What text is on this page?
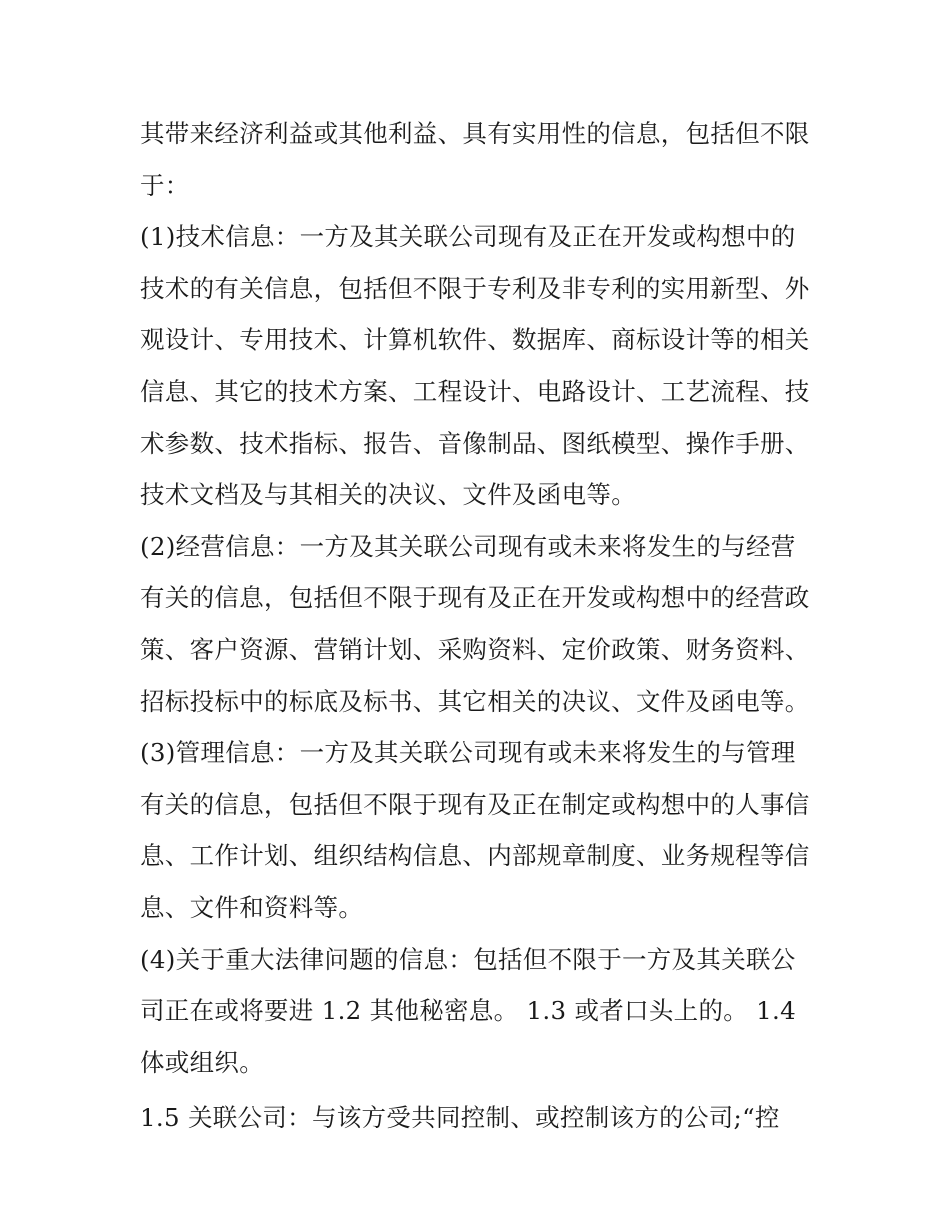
其带来经济利益或其他利益、具有实用性的信息，包括但不限于：

(1)技术信息：一方及其关联公司现有及正在开发或构想中的技术的有关信息，包括但不限于专利及非专利的实用新型、外观设计、专用技术、计算机软件、数据库、商标设计等的相关信息、其它的技术方案、工程设计、电路设计、工艺流程、技术参数、技术指标、报告、音像制品、图纸模型、操作手册、技术文档及与其相关的决议、文件及函电等。

(2)经营信息：一方及其关联公司现有或未来将发生的与经营有关的信息，包括但不限于现有及正在开发或构想中的经营政策、客户资源、营销计划、采购资料、定价政策、财务资料、招标投标中的标底及标书、其它相关的决议、文件及函电等。

(3)管理信息：一方及其关联公司现有或未来将发生的与管理有关的信息，包括但不限于现有及正在制定或构想中的人事信息、工作计划、组织结构信息、内部规章制度、业务规程等信息、文件和资料等。

(4)关于重大法律问题的信息：包括但不限于一方及其关联公司正在或将要进 1.2 其他秘密息。 1.3 或者口头上的。 1.4 体或组织。

1.5 关联公司：与该方受共同控制、或控制该方的公司;“控
